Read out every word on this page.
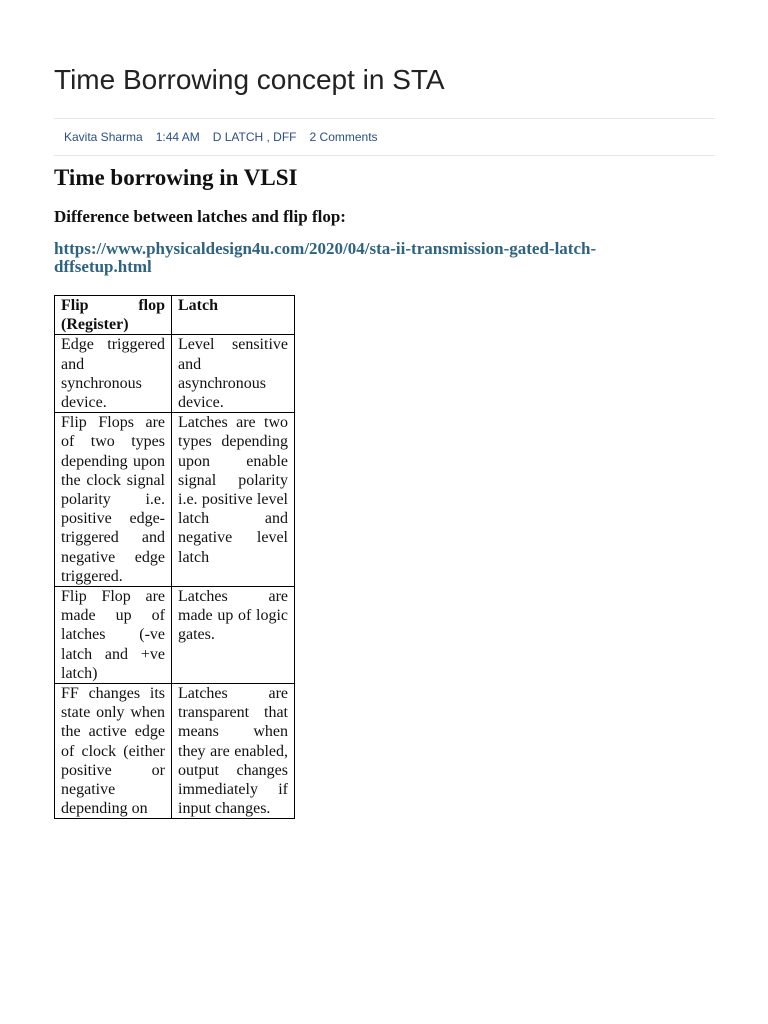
Time Borrowing concept in STA
Kavita Sharma 1:44 AM D LATCH , DFF 2 Comments
Time borrowing in VLSI
Difference between latches and flip flop:
https://www.physicaldesign4u.com/2020/04/sta-ii-transmission-gated-latch-
dffsetup.html
Flip flop (Register)	Latch
Edge triggered and synchronous device.	Level sensitive and asynchronous device.
Flip Flops are of two types depending upon the clock signal polarity i.e. positive edge-triggered and negative edge triggered.	Latches are two types depending upon enable signal polarity i.e. positive level latch and negative level latch
Flip Flop are made up of latches (-ve latch and +ve latch)	Latches are made up of logic gates.
FF changes its state only when the active edge of clock (either positive or negative depending on	Latches are transparent that means when they are enabled, output changes immediately if input changes.
